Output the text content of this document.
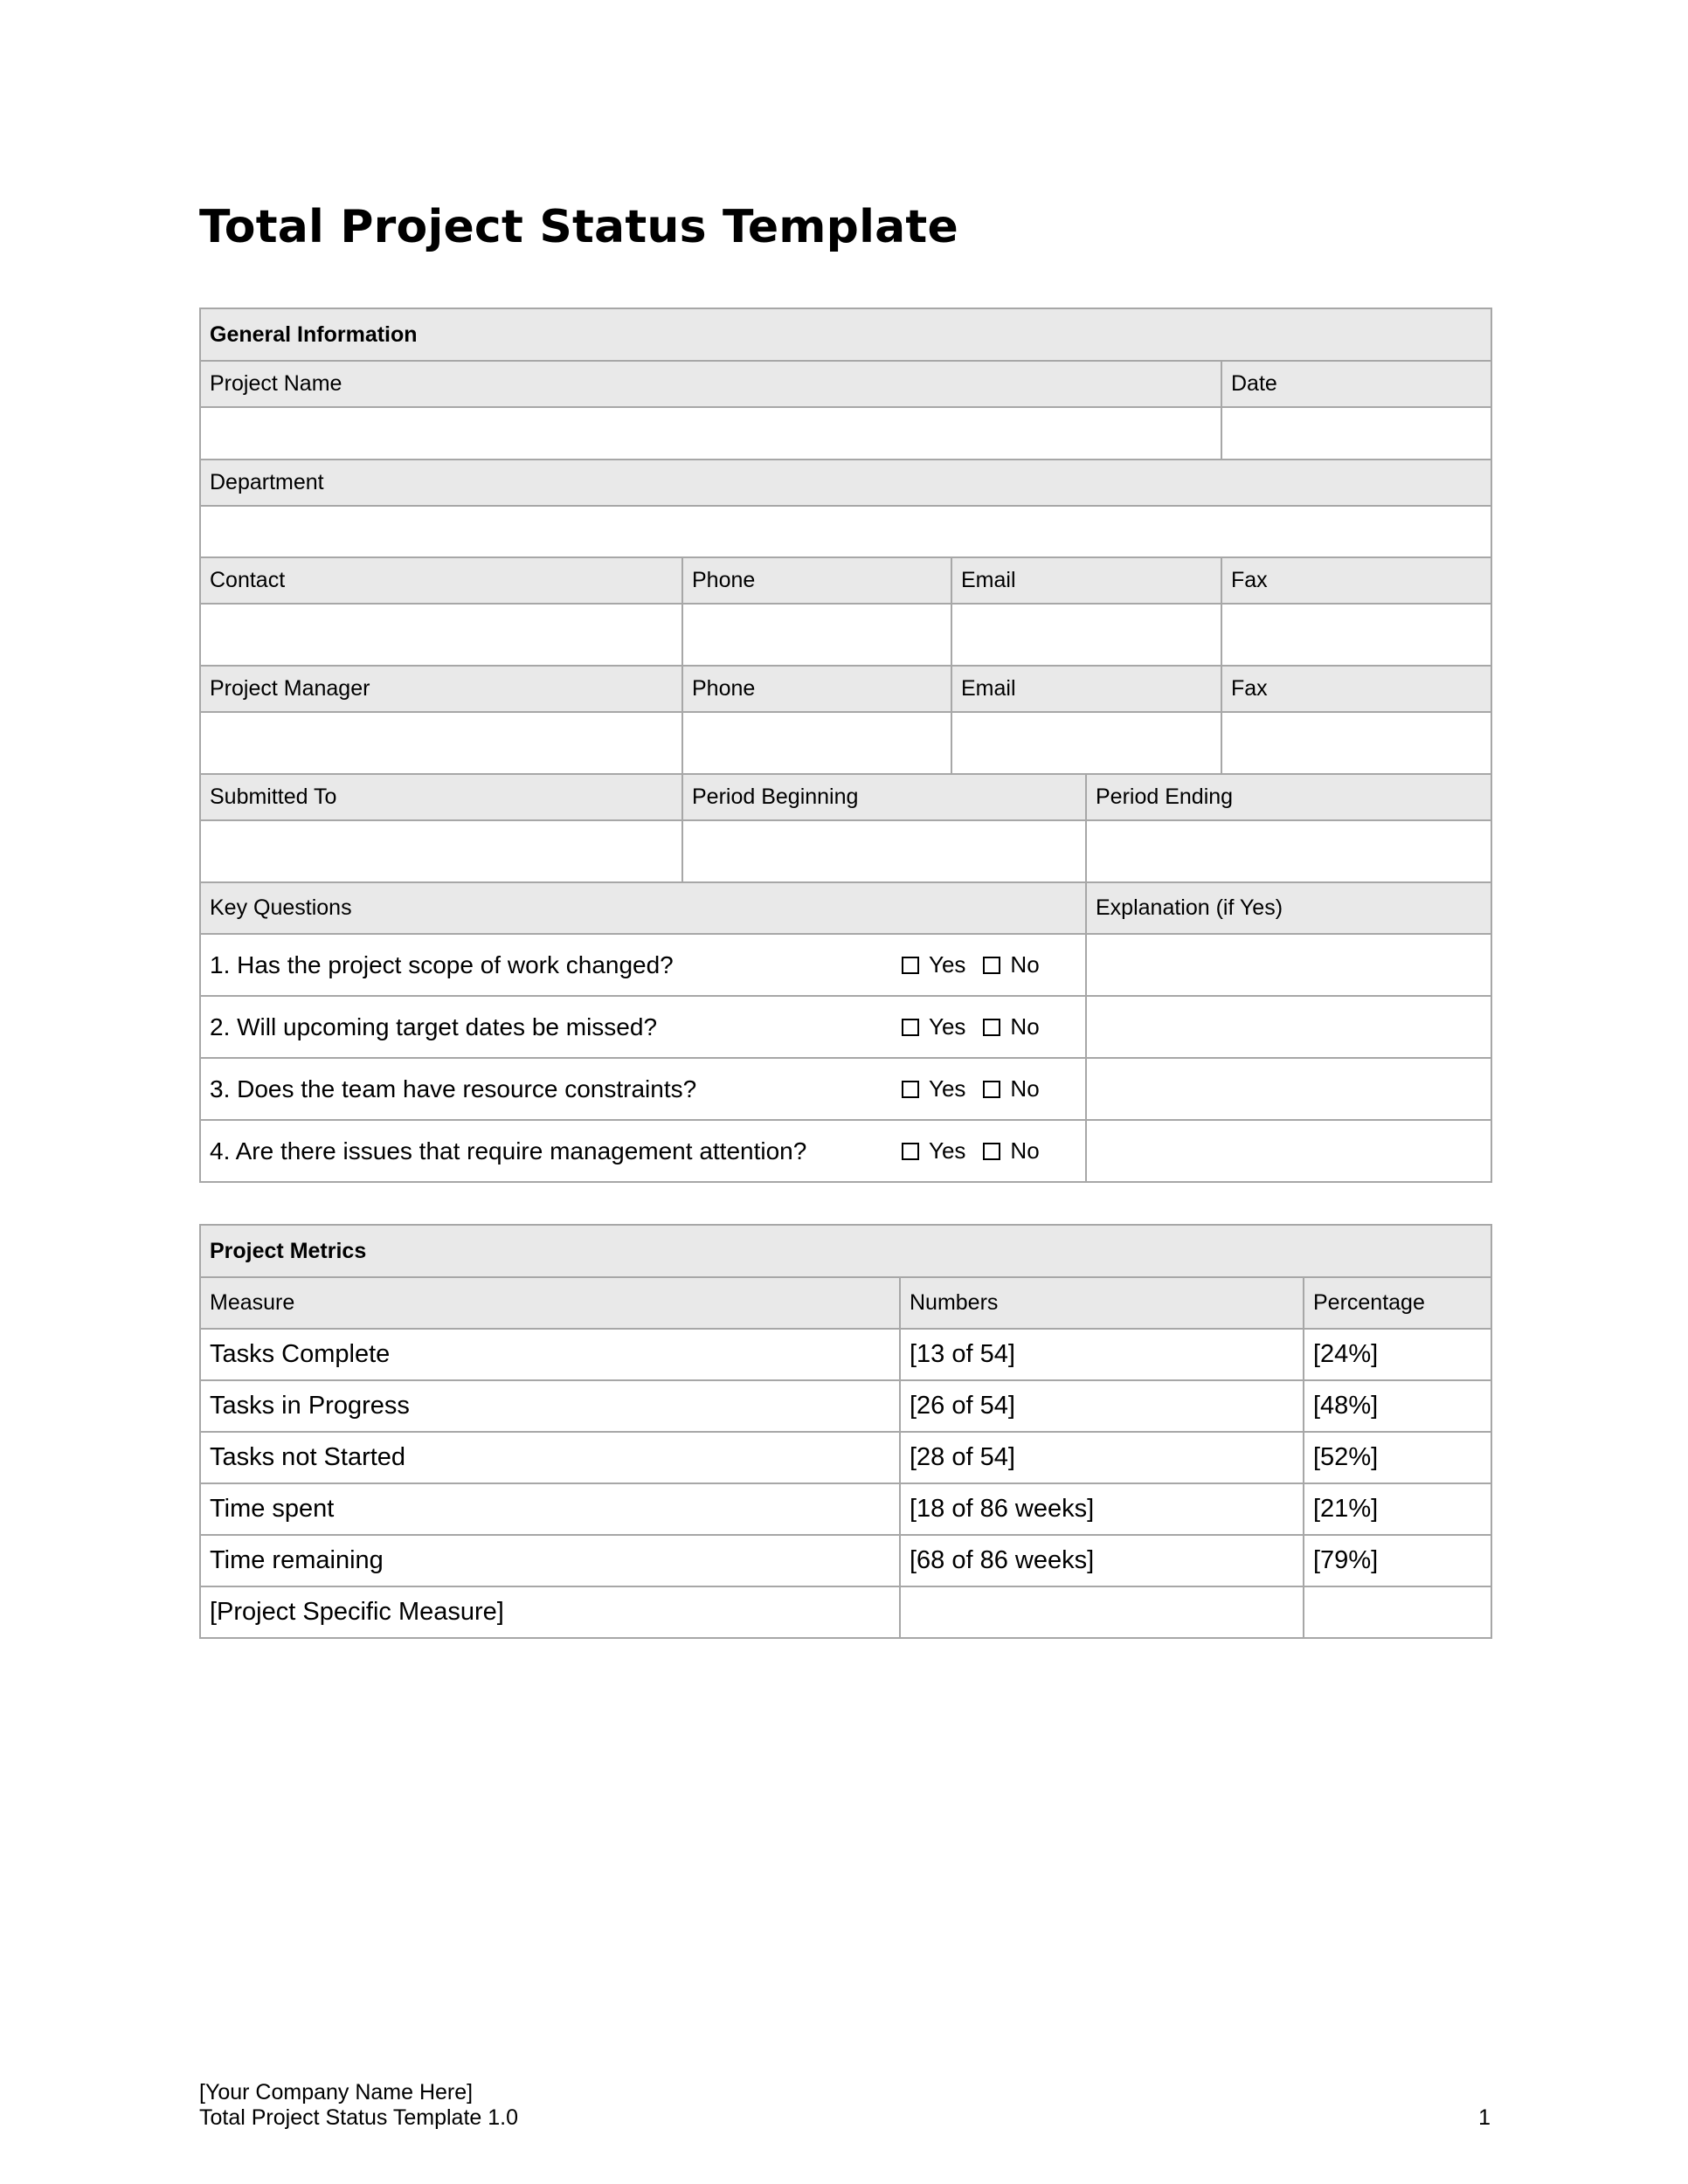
Total Project Status Template
General Information				
Project Name				Date

Department				

Contact	Phone	Email		Fax

Project Manager	Phone	Email		Fax

Submitted To	Period Beginning		Period Ending	

Key Questions			Explanation (if Yes)	

1. Has the project scope of work changed? Yes No				

2. Will upcoming target dates be missed? Yes No				

3. Does the team have resource constraints? Yes No				

4. Are there issues that require management attention? Yes No				

Project Metrics		
Measure	Numbers	Percentage
Tasks Complete	[13 of 54]	[24%]
Tasks in Progress	[26 of 54]	[48%]
Tasks not Started	[28 of 54]	[52%]
Time spent	[18 of 86 weeks]	[21%]
Time remaining	[68 of 86 weeks]	[79%]
[Project Specific Measure]		
[Your Company Name Here]
Total Project Status Template 1.0	1
